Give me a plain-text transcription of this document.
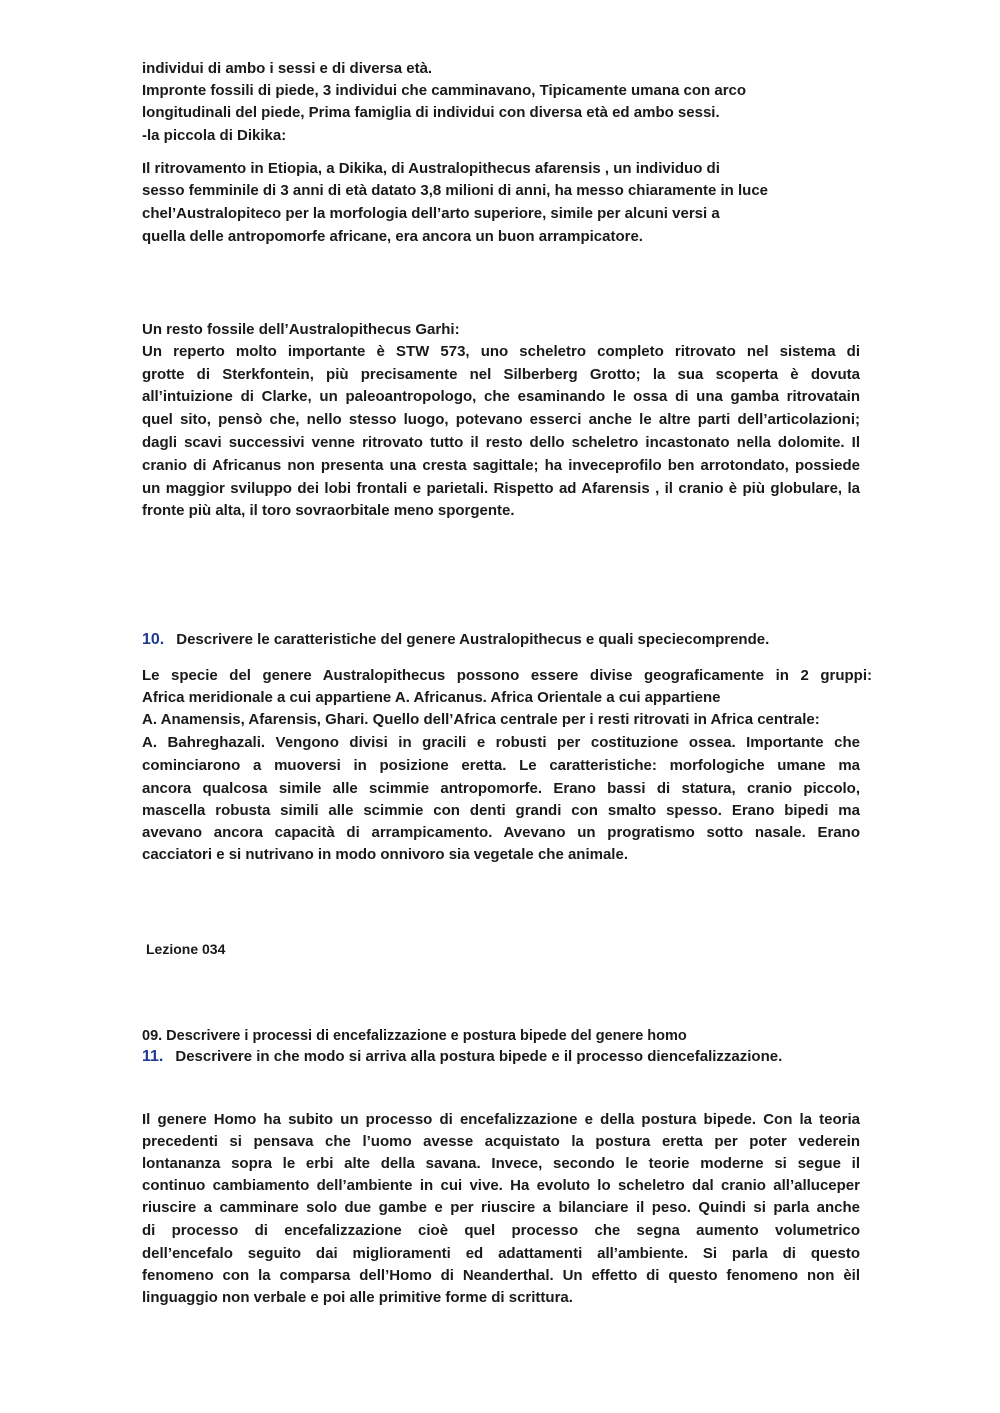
individui di ambo i sessi e di diversa età.

Impronte fossili di piede, 3 individui che camminavano, Tipicamente umana con arco

longitudinali del piede, Prima famiglia di individui con diversa età ed ambo sessi.

-la piccola di Dikika:

Il ritrovamento in Etiopia, a Dikika, di Australopithecus afarensis , un individuo di

sesso femminile di 3 anni di età datato 3,8 milioni di anni, ha messo chiaramente in luce

chel’Australopiteco per la morfologia dell’arto superiore, simile per alcuni versi a

quella delle antropomorfe africane, era ancora un buon arrampicatore.

Un resto fossile dell’Australopithecus Garhi:

Un reperto molto importante è STW 573, uno scheletro completo ritrovato nel sistema di

grotte di Sterkfontein, più precisamente nel Silberberg Grotto; la sua scoperta è dovuta

all’intuizione di Clarke, un paleoantropologo, che esaminando le ossa di una gamba ritrovatain

quel sito, pensò che, nello stesso luogo, potevano esserci anche le altre parti dell’articolazioni;

dagli scavi successivi venne ritrovato tutto il resto dello scheletro incastonato nella dolomite. Il

cranio di Africanus non presenta una cresta sagittale; ha inveceprofilo ben arrotondato, possiede

un maggior sviluppo dei lobi frontali e parietali. Rispetto ad Afarensis , il cranio è più globulare, la

fronte più alta, il toro sovraorbitale meno sporgente.

10. Descrivere le caratteristiche del genere Australopithecus e quali speciecomprende.

Le specie del genere Australopithecus possono essere divise geograficamente in 2 gruppi:

Africa meridionale a cui appartiene A. Africanus. Africa Orientale a cui appartiene

A. Anamensis, Afarensis, Ghari. Quello dell’Africa centrale per i resti ritrovati in Africa centrale:

A. Bahreghazali. Vengono divisi in gracili e robusti per costituzione ossea. Importante che

cominciarono a muoversi in posizione eretta. Le caratteristiche: morfologiche umane ma

ancora qualcosa simile alle scimmie antropomorfe. Erano bassi di statura, cranio piccolo,

mascella robusta simili alle scimmie con denti grandi con smalto spesso. Erano bipedi ma

avevano ancora capacità di arrampicamento. Avevano un progratismo sotto nasale. Erano

cacciatori e si nutrivano in modo onnivoro sia vegetale che animale.

Lezione 034

09. Descrivere i processi di encefalizzazione e postura bipede del genere homo

11. Descrivere in che modo si arriva alla postura bipede e il processo diencefalizzazione.

Il genere Homo ha subito un processo di encefalizzazione e della postura bipede. Con la teoria

precedenti si pensava che l’uomo avesse acquistato la postura eretta per poter vederein

lontananza sopra le erbi alte della savana. Invece, secondo le teorie moderne si segue il

continuo cambiamento dell’ambiente in cui vive. Ha evoluto lo scheletro dal cranio all’alluceper

riuscire a camminare solo due gambe e per riuscire a bilanciare il peso. Quindi si parla anche

di processo di encefalizzazione cioè quel processo che segna aumento volumetrico

dell’encefalo seguito dai miglioramenti ed adattamenti all’ambiente. Si parla di questo

fenomeno con la comparsa dell’Homo di Neanderthal. Un effetto di questo fenomeno non èil

linguaggio non verbale e poi alle primitive forme di scrittura.
